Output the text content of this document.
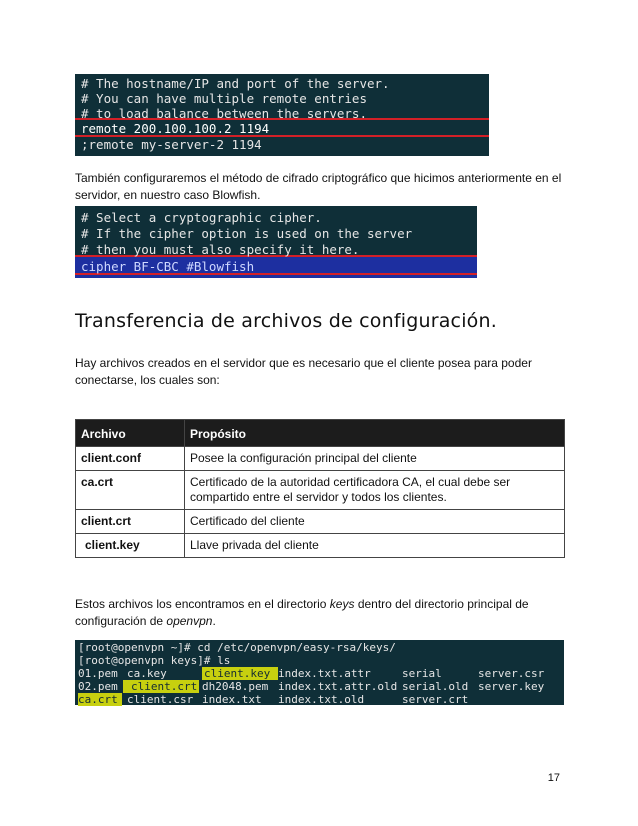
# The hostname/IP and port of the server.
# You can have multiple remote entries
# to load balance between the servers.
remote 200.100.100.2 1194
;remote my-server-2 1194
También configuraremos el método de cifrado criptográfico que hicimos anteriormente en el servidor, en nuestro caso Blowfish.
# Select a cryptographic cipher.
# If the cipher option is used on the server
# then you must also specify it here.
cipher BF-CBC #Blowfish
Transferencia de archivos de configuración.
Hay archivos creados en el servidor que es necesario que el cliente posea para poder conectarse, los cuales son:
Archivo	Propósito
client.conf	Posee la configuración principal del cliente
ca.crt	Certificado de la autoridad certificadora CA, el cual debe ser compartido entre el servidor y todos los clientes.
client.crt	Certificado del cliente
client.key	Llave privada del cliente
Estos archivos los encontramos en el directorio keys dentro del directorio principal de configuración de openvpn.
[root@openvpn ~]# cd /etc/openvpn/easy-rsa/keys/
[root@openvpn keys]# ls
01.pem ca.key	client.key index.txt.attr	serial	server.csr
02.pem	client.crt dh2048.pem index.txt.attr.old serial.old server.key
ca.crt client.csr index.txt index.txt.old	server.crt
17
